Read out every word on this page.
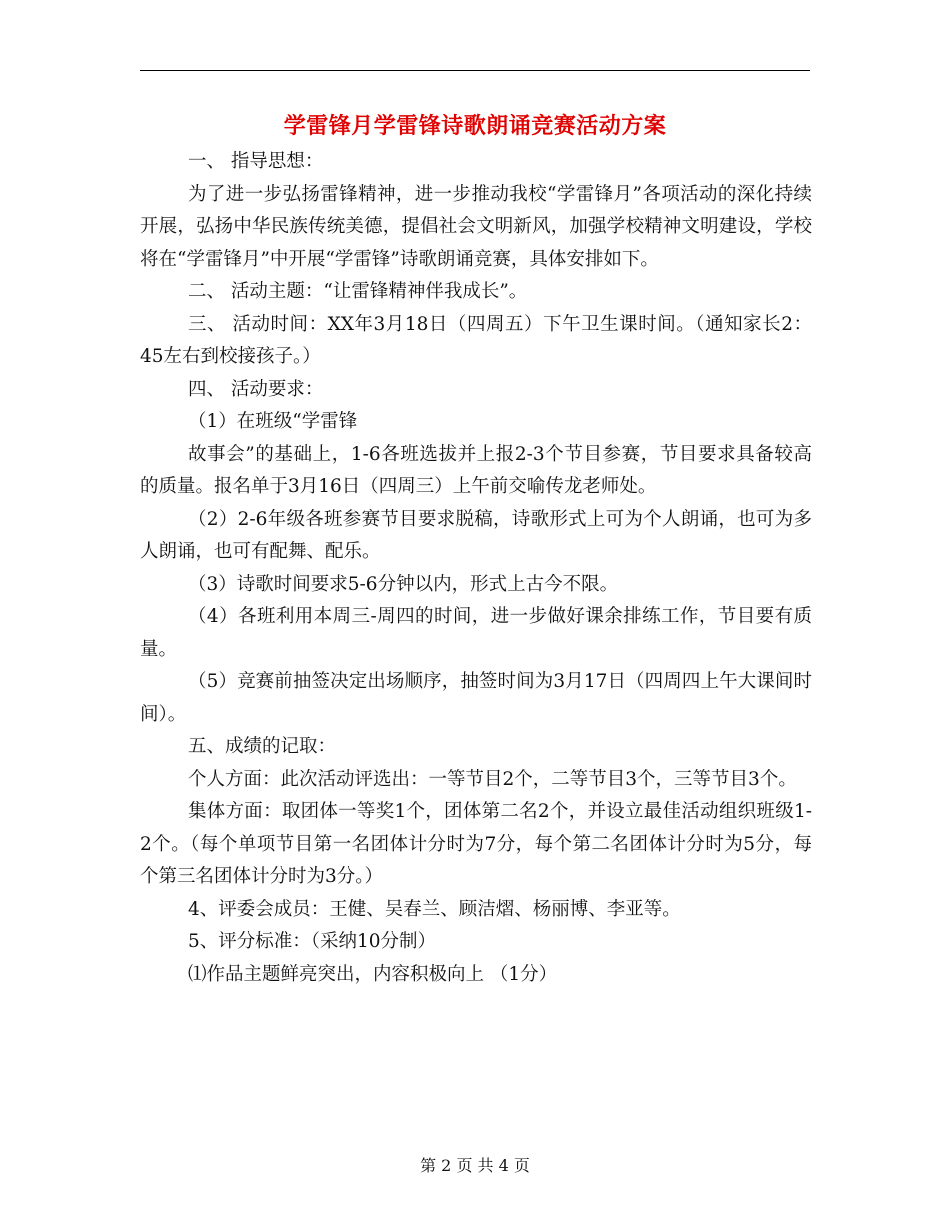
学雷锋月学雷锋诗歌朗诵竞赛活动方案

一、 指导思想：

为了进一步弘扬雷锋精神，进一步推动我校“学雷锋月”各项活动的深化持续开展，弘扬中华民族传统美德，提倡社会文明新风，加强学校精神文明建设，学校将在“学雷锋月”中开展“学雷锋”诗歌朗诵竞赛，具体安排如下。

二、 活动主题：“让雷锋精神伴我成长”。

三、 活动时间：XX年3月18日（四周五）下午卫生课时间。（通知家长2：45左右到校接孩子。）

四、 活动要求：

（1）在班级“学雷锋

故事会”的基础上，1-6各班选拔并上报2-3个节目参赛，节目要求具备较高的质量。报名单于3月16日（四周三）上午前交喻传龙老师处。

（2）2-6年级各班参赛节目要求脱稿，诗歌形式上可为个人朗诵，也可为多人朗诵，也可有配舞、配乐。

（3）诗歌时间要求5-6分钟以内，形式上古今不限。

（4）各班利用本周三-周四的时间，进一步做好课余排练工作，节目要有质量。

（5）竞赛前抽签决定出场顺序，抽签时间为3月17日（四周四上午大课间时间）。

五、成绩的记取：

个人方面：此次活动评选出：一等节目2个，二等节目3个，三等节目3个。

集体方面：取团体一等奖1个，团体第二名2个，并设立最佳活动组织班级1-2个。（每个单项节目第一名团体计分时为7分，每个第二名团体计分时为5分，每个第三名团体计分时为3分。）

4、评委会成员：王健、吴春兰、顾洁熠、杨丽博、李亚等。

5、评分标准：（采纳10分制）

⑴作品主题鲜亮突出，内容积极向上 （1分）

第 2 页 共 4 页
